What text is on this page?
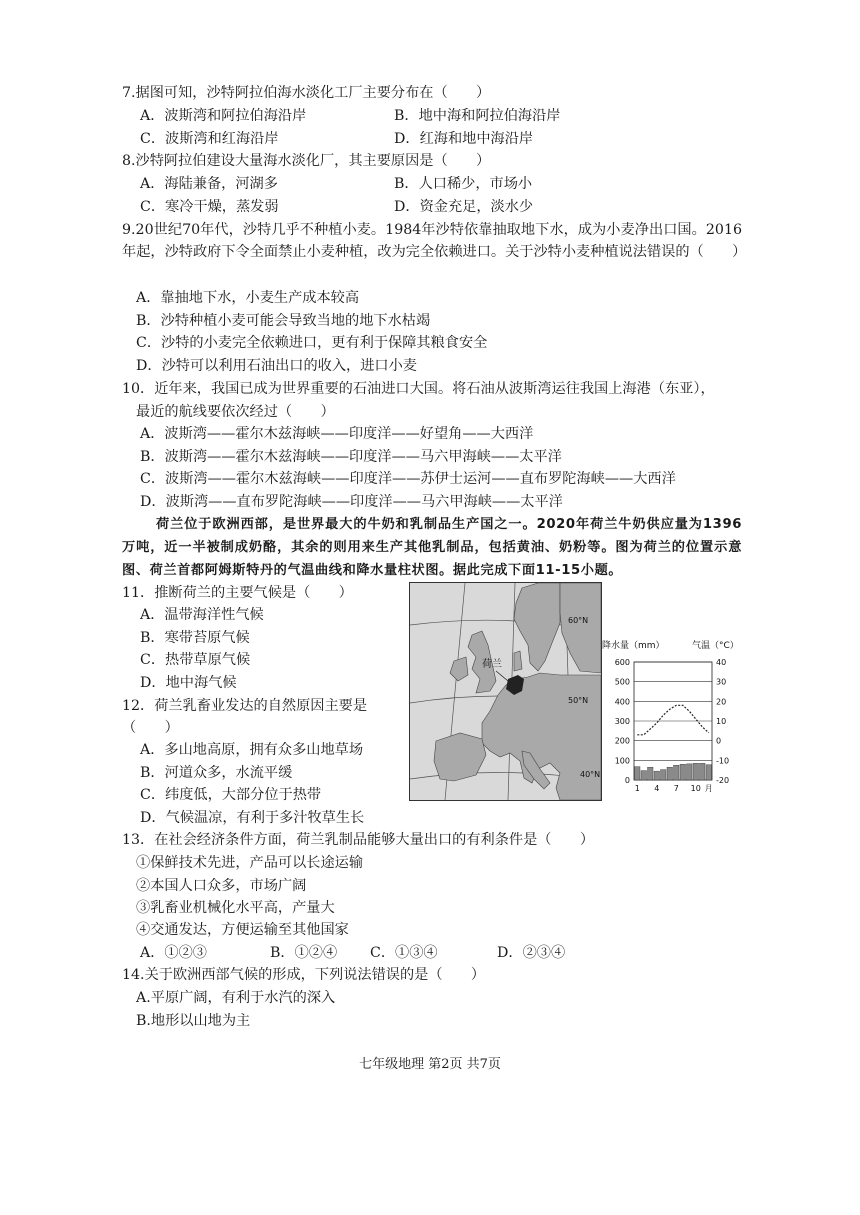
7.据图可知，沙特阿拉伯海水淡化工厂主要分布在（　　）
A．波斯湾和阿拉伯海沿岸	B．地中海和阿拉伯海沿岸
C．波斯湾和红海沿岸	D．红海和地中海沿岸
8.沙特阿拉伯建设大量海水淡化厂，其主要原因是（　　）
A．海陆兼备，河湖多	B．人口稀少，市场小
C．寒冷干燥，蒸发弱	D．资金充足，淡水少
9.20世纪70年代，沙特几乎不种植小麦。1984年沙特依靠抽取地下水，成为小麦净出口国。2016年起，沙特政府下令全面禁止小麦种植，改为完全依赖进口。关于沙特小麦种植说法错误的（　　）
A．靠抽地下水，小麦生产成本较高
B．沙特种植小麦可能会导致当地的地下水枯竭
C．沙特的小麦完全依赖进口，更有利于保障其粮食安全
D．沙特可以利用石油出口的收入，进口小麦
10．近年来，我国已成为世界重要的石油进口大国。将石油从波斯湾运往我国上海港（东亚），
最近的航线要依次经过（　　）
A．波斯湾——霍尔木兹海峡——印度洋——好望角——大西洋
B．波斯湾——霍尔木兹海峡——印度洋——马六甲海峡——太平洋
C．波斯湾——霍尔木兹海峡——印度洋——苏伊士运河——直布罗陀海峡——大西洋
D．波斯湾——直布罗陀海峡——印度洋——马六甲海峡——太平洋
荷兰位于欧洲西部，是世界最大的牛奶和乳制品生产国之一。2020年荷兰牛奶供应量为1396万吨，近一半被制成奶酪，其余的则用来生产其他乳制品，包括黄油、奶粉等。图为荷兰的位置示意图、荷兰首都阿姆斯特丹的气温曲线和降水量柱状图。据此完成下面11-15小题。
11．推断荷兰的主要气候是（　　）
A．温带海洋性气候
B．寒带苔原气候
C．热带草原气候
D．地中海气候
12．荷兰乳畜业发达的自然原因主要是
（　　）
A．多山地高原，拥有众多山地草场
B．河道众多，水流平缓
C．纬度低，大部分位于热带
D．气候温凉，有利于多汁牧草生长
13．在社会经济条件方面，荷兰乳制品能够大量出口的有利条件是（　　）
①保鲜技术先进，产品可以长途运输
②本国人口众多，市场广阔
③乳畜业机械化水平高，产量大
④交通发达，方便运输至其他国家
A．①②③	B．①②④ C．①③④	D．②③④
14.关于欧洲西部气候的形成，下列说法错误的是（　　）
A.平原广阔，有利于水汽的深入
B.地形以山地为主
七年级地理 第2页 共7页
荷兰
60°N
50°N
40°N
降水量（mm）	气温（°C）
0	-20
100	-10
200	0
300	10
400	20
500	30
600	40
1 4 7 10 月
